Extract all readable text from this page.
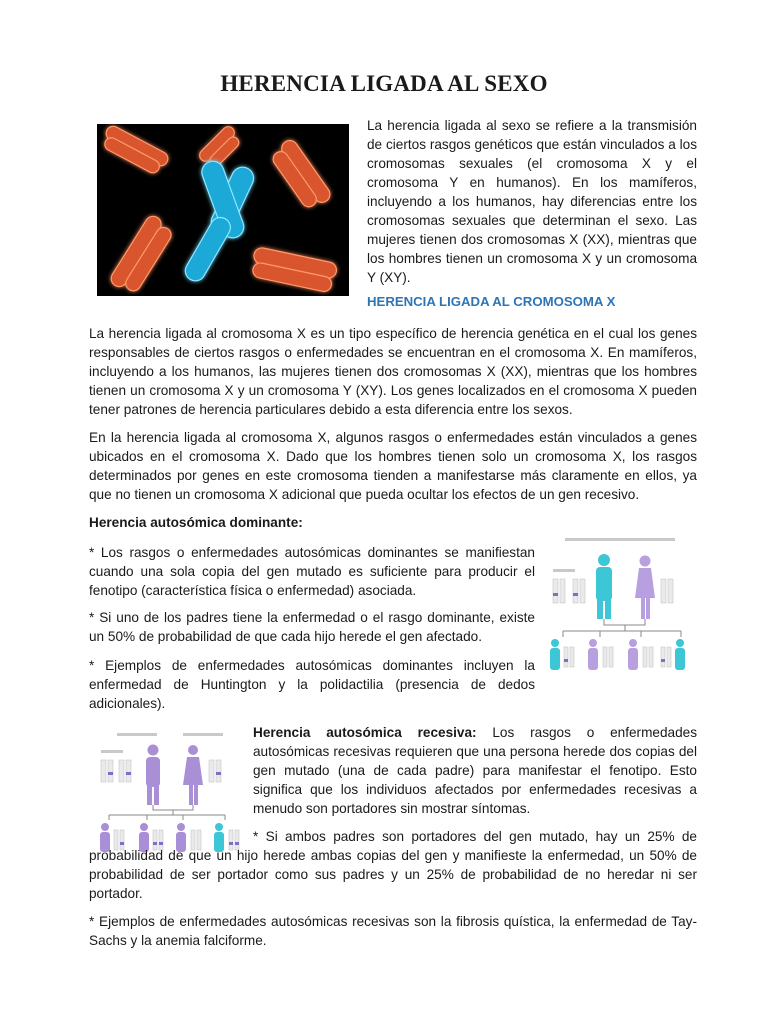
HERENCIA LIGADA AL SEXO
La herencia ligada al sexo se refiere a la transmisión de ciertos rasgos genéticos que están vinculados a los cromosomas sexuales (el cromosoma X y el cromosoma Y en humanos). En los mamíferos, incluyendo a los humanos, hay diferencias entre los cromosomas sexuales que determinan el sexo. Las mujeres tienen dos cromosomas X (XX), mientras que los hombres tienen un cromosoma X y un cromosoma Y (XY).
HERENCIA LIGADA AL CROMOSOMA X
La herencia ligada al cromosoma X es un tipo específico de herencia genética en el cual los genes responsables de ciertos rasgos o enfermedades se encuentran en el cromosoma X. En mamíferos, incluyendo a los humanos, las mujeres tienen dos cromosomas X (XX), mientras que los hombres tienen un cromosoma X y un cromosoma Y (XY). Los genes localizados en el cromosoma X pueden tener patrones de herencia particulares debido a esta diferencia entre los sexos.
En la herencia ligada al cromosoma X, algunos rasgos o enfermedades están vinculados a genes ubicados en el cromosoma X. Dado que los hombres tienen solo un cromosoma X, los rasgos determinados por genes en este cromosoma tienden a manifestarse más claramente en ellos, ya que no tienen un cromosoma X adicional que pueda ocultar los efectos de un gen recesivo.
Herencia autosómica dominante:
* Los rasgos o enfermedades autosómicas dominantes se manifiestan cuando una sola copia del gen mutado es suficiente para producir el fenotipo (característica física o enfermedad) asociada.
* Si uno de los padres tiene la enfermedad o el rasgo dominante, existe un 50% de probabilidad de que cada hijo herede el gen afectado.
* Ejemplos de enfermedades autosómicas dominantes incluyen la enfermedad de Huntington y la polidactilia (presencia de dedos adicionales).
Herencia autosómica recesiva: Los rasgos o enfermedades autosómicas recesivas requieren que una persona herede dos copias del gen mutado (una de cada padre) para manifestar el fenotipo. Esto significa que los individuos afectados por enfermedades recesivas a menudo son portadores sin mostrar síntomas.
* Si ambos padres son portadores del gen mutado, hay un 25% de probabilidad de que un hijo herede ambas copias del gen y manifieste la enfermedad, un 50% de probabilidad de ser portador como sus padres y un 25% de probabilidad de no heredar ni ser portador.
* Ejemplos de enfermedades autosómicas recesivas son la fibrosis quística, la enfermedad de Tay-Sachs y la anemia falciforme.
